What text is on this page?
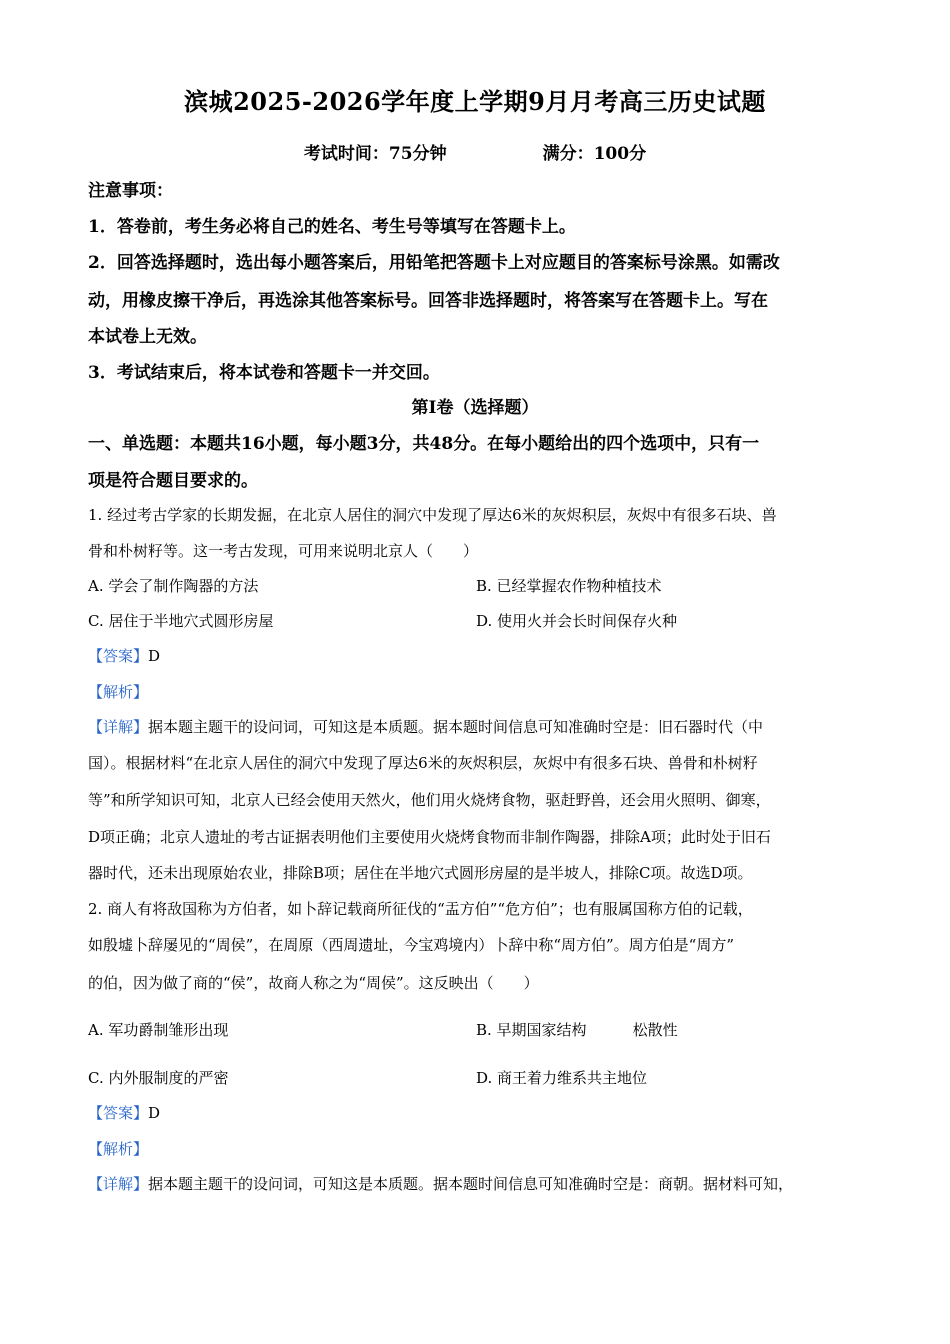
滨城2025-2026学年度上学期9月月考高三历史试题
考试时间：75分钟	满分：100分
注意事项：
1．答卷前，考生务必将自己的姓名、考生号等填写在答题卡上。
2．回答选择题时，选出每小题答案后，用铅笔把答题卡上对应题目的答案标号涂黑。如需改
动，用橡皮擦干净后，再选涂其他答案标号。回答非选择题时，将答案写在答题卡上。写在
本试卷上无效。
3．考试结束后，将本试卷和答题卡一并交回。
第Ⅰ卷（选择题）
一、单选题：本题共16小题，每小题3分，共48分。在每小题给出的四个选项中，只有一
项是符合题目要求的。
1. 经过考古学家的长期发掘，在北京人居住的洞穴中发现了厚达6米的灰烬积层，灰烬中有很多石块、兽
骨和朴树籽等。这一考古发现，可用来说明北京人（　　）
A. 学会了制作陶器的方法	B. 已经掌握农作物种植技术
C. 居住于半地穴式圆形房屋	D. 使用火并会长时间保存火种
【答案】D
【解析】
【详解】据本题主题干的设问词，可知这是本质题。据本题时间信息可知准确时空是：旧石器时代（中
国）。根据材料“在北京人居住的洞穴中发现了厚达6米的灰烬积层，灰烬中有很多石块、兽骨和朴树籽
等”和所学知识可知，北京人已经会使用天然火，他们用火烧烤食物，驱赶野兽，还会用火照明、御寒，
D项正确；北京人遗址的考古证据表明他们主要使用火烧烤食物而非制作陶器，排除A项；此时处于旧石
器时代，还未出现原始农业，排除B项；居住在半地穴式圆形房屋的是半坡人，排除C项。故选D项。
2. 商人有将敌国称为方伯者，如卜辞记载商所征伐的“盂方伯”“危方伯”；也有服属国称方伯的记载，
如殷墟卜辞屡见的“周侯”，在周原（西周遗址，今宝鸡境内）卜辞中称“周方伯”。周方伯是“周方”
的伯，因为做了商的“侯”，故商人称之为“周侯”。这反映出（　　）
A. 军功爵制雏形出现	B. 早期国家结构	松散性
C. 内外服制度的严密	D. 商王着力维系共主地位
【答案】D
【解析】
【详解】据本题主题干的设问词，可知这是本质题。据本题时间信息可知准确时空是：商朝。据材料可知，
